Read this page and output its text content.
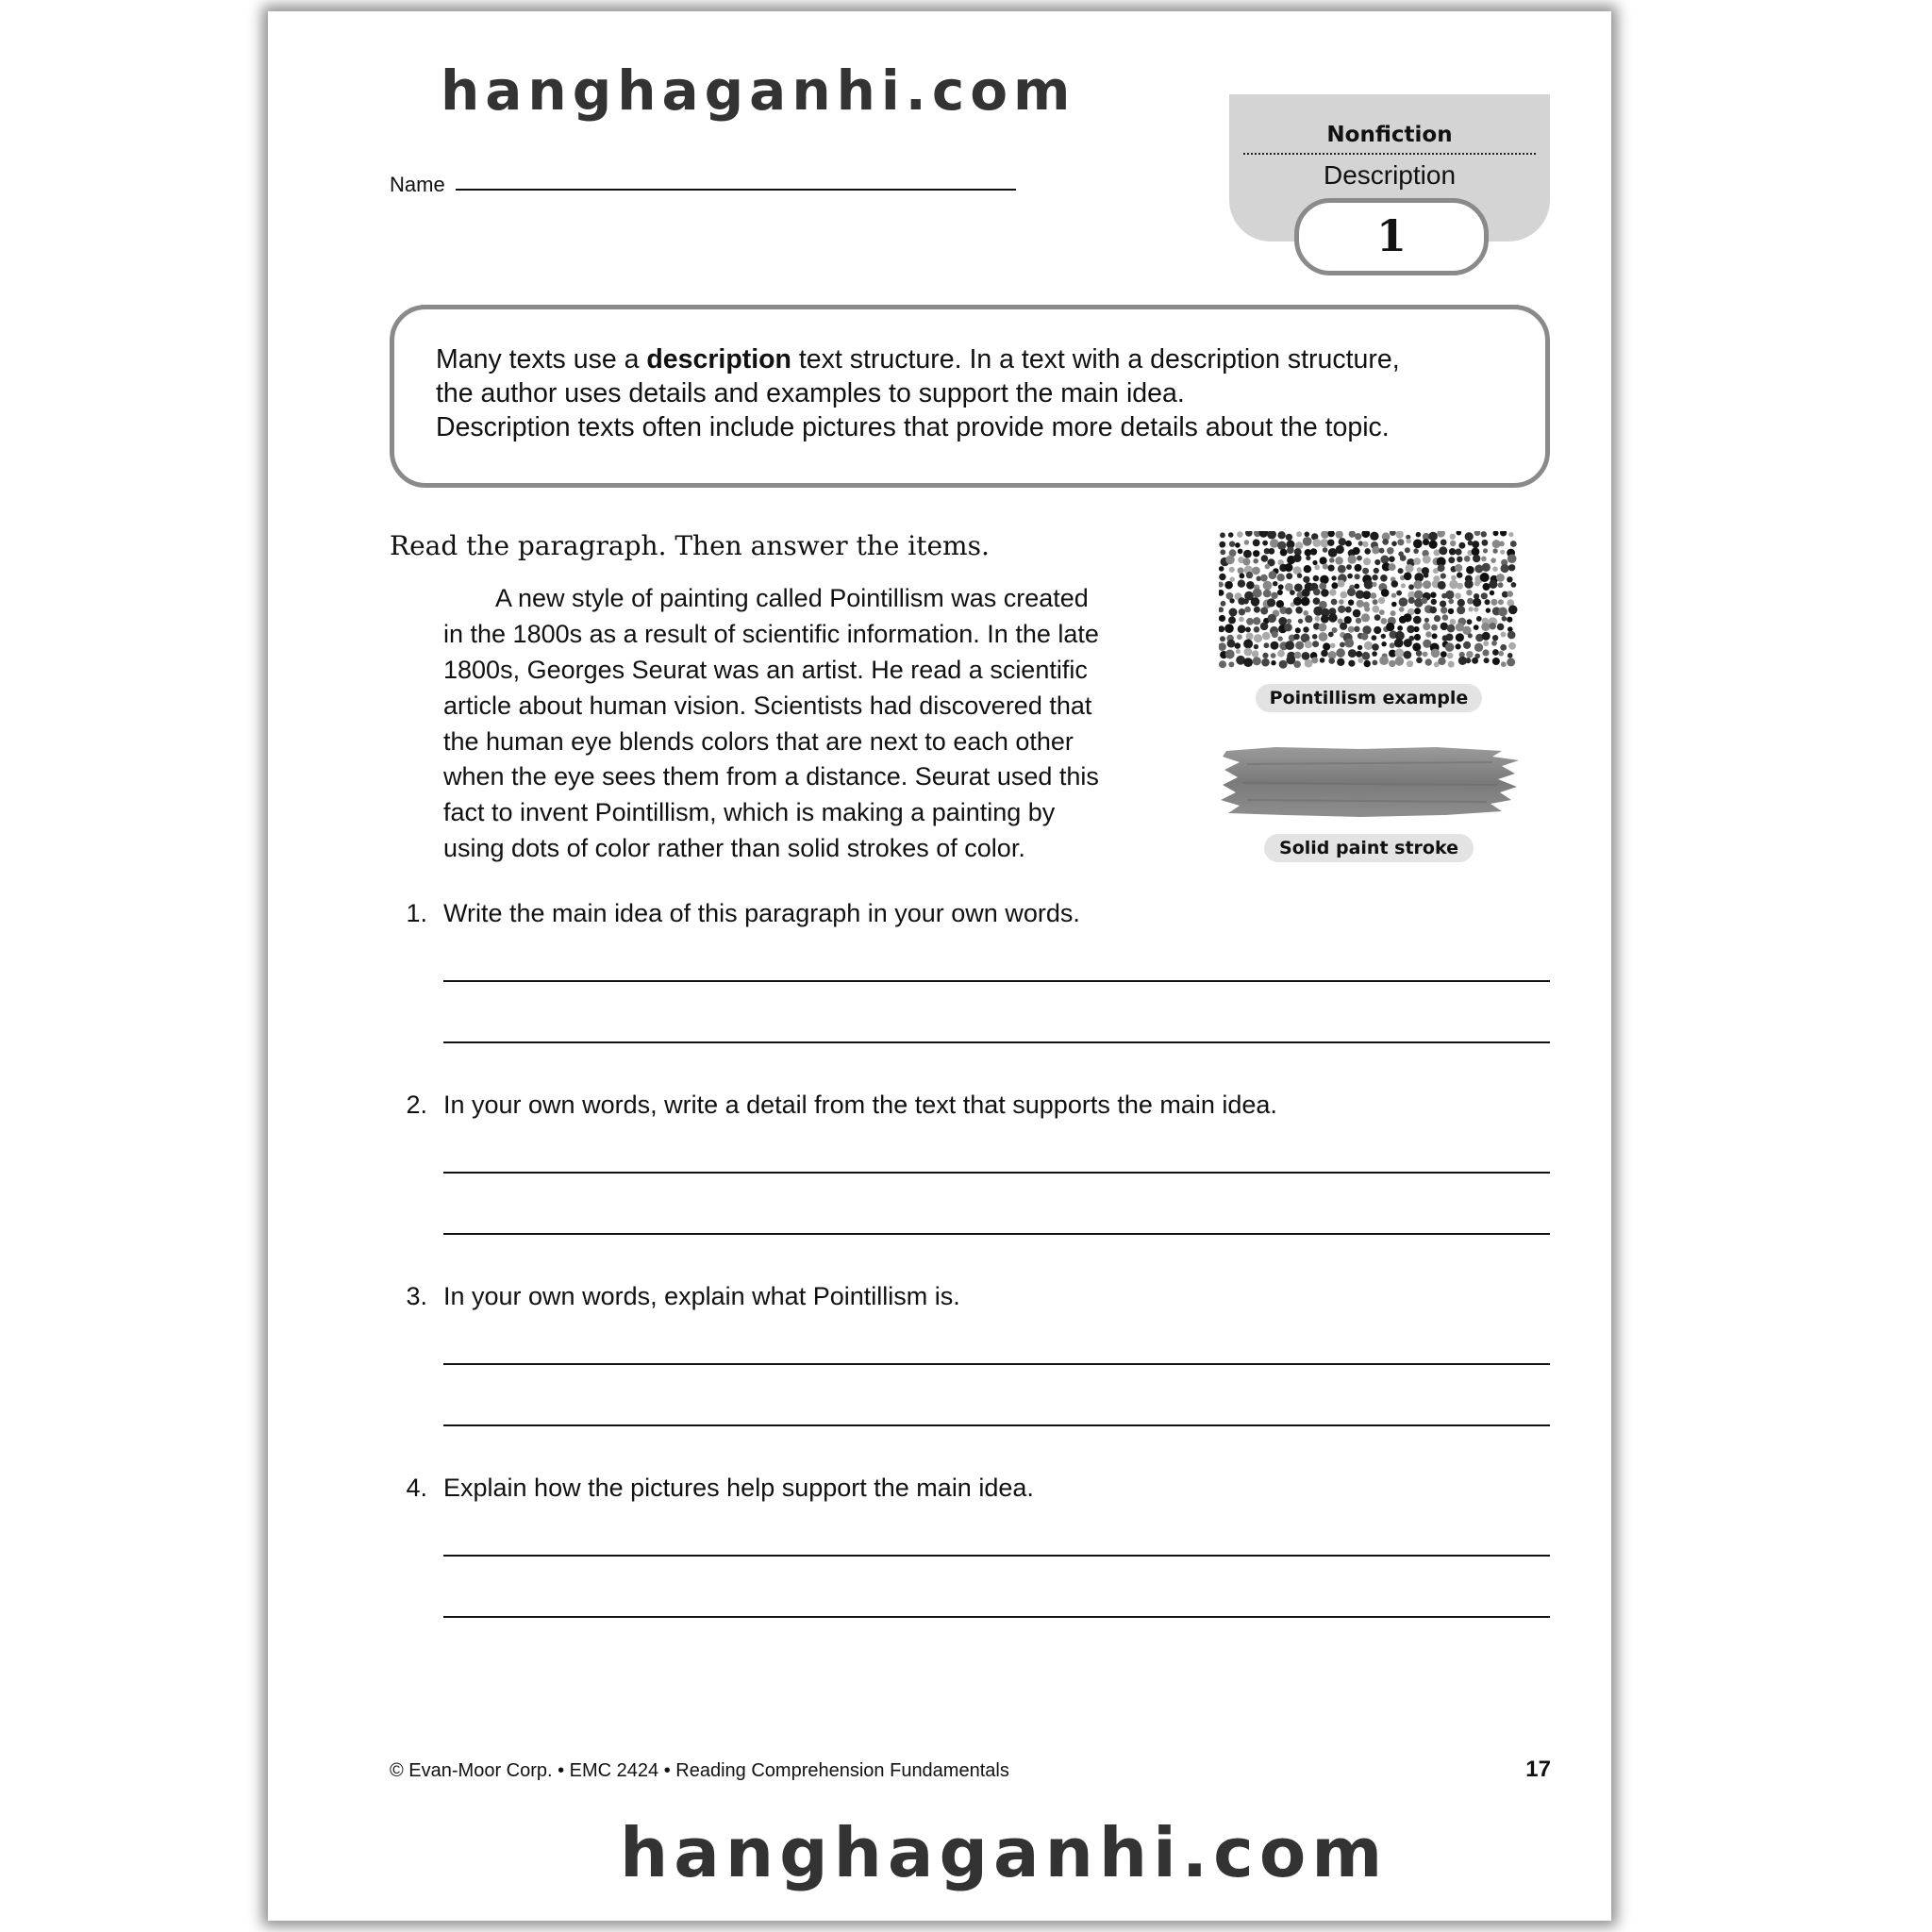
hanghaganhi.com
Name
Nonfiction
Description
1
Many texts use a description text structure. In a text with a description structure,
the author uses details and examples to support the main idea.
Description texts often include pictures that provide more details about the topic.
Read the paragraph. Then answer the items.
A new style of painting called Pointillism was created
in the 1800s as a result of scientific information. In the late
1800s, Georges Seurat was an artist. He read a scientific
article about human vision. Scientists had discovered that
the human eye blends colors that are next to each other
when the eye sees them from a distance. Seurat used this
fact to invent Pointillism, which is making a painting by
using dots of color rather than solid strokes of color.
Pointillism example
Solid paint stroke
1. Write the main idea of this paragraph in your own words.
2. In your own words, write a detail from the text that supports the main idea.
3. In your own words, explain what Pointillism is.
4. Explain how the pictures help support the main idea.
© Evan-Moor Corp. • EMC 2424 • Reading Comprehension Fundamentals	17
hanghaganhi.com
